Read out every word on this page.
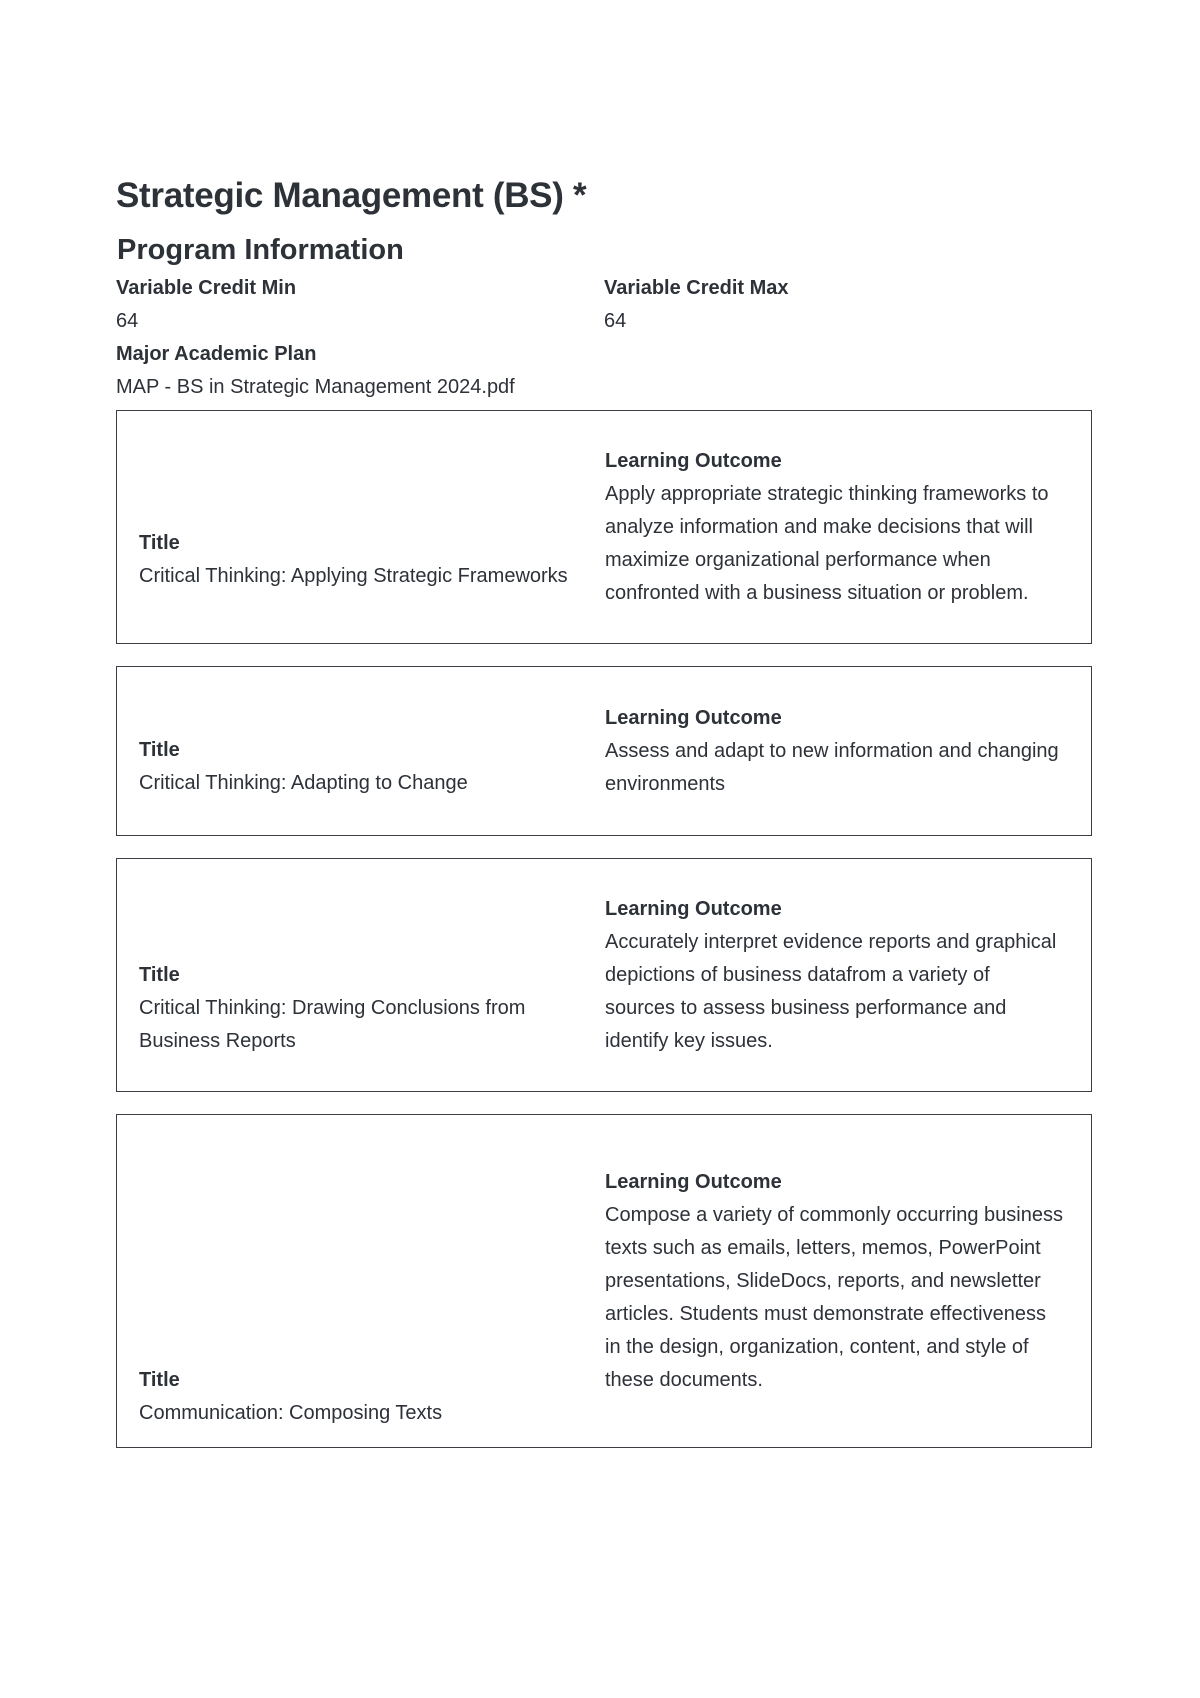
Strategic Management (BS) *
Program Information
Variable Credit Min
64
Variable Credit Max
64
Major Academic Plan
MAP - BS in Strategic Management 2024.pdf
Title
Critical Thinking: Applying Strategic Frameworks
Learning Outcome
Apply appropriate strategic thinking frameworks to analyze information and make decisions that will maximize organizational performance when confronted with a business situation or problem.
Title
Critical Thinking: Adapting to Change
Learning Outcome
Assess and adapt to new information and changing environments
Title
Critical Thinking: Drawing Conclusions from Business Reports
Learning Outcome
Accurately interpret evidence reports and graphical depictions of business datafrom a variety of sources to assess business performance and identify key issues.
Title
Communication: Composing Texts
Learning Outcome
Compose a variety of commonly occurring business texts such as emails, letters, memos, PowerPoint presentations, SlideDocs, reports, and newsletter articles. Students must demonstrate effectiveness in the design, organization, content, and style of these documents.
